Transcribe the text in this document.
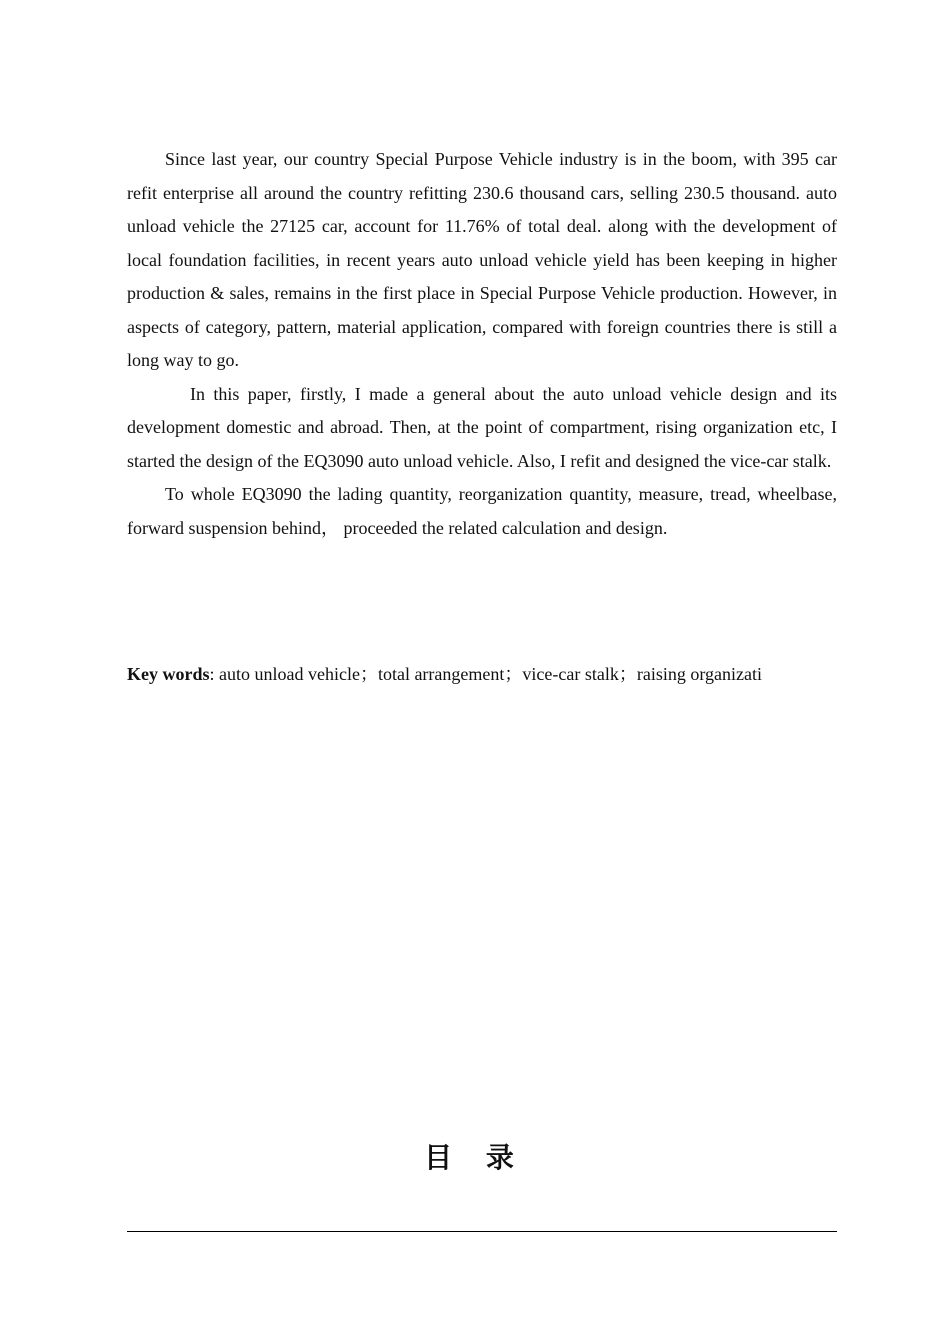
Since last year, our country Special Purpose Vehicle industry is in the boom, with 395 car refit enterprise all around the country refitting 230.6 thousand cars, selling 230.5 thousand. auto unload vehicle the 27125 car, account for 11.76% of total deal. along with the development of local foundation facilities, in recent years auto unload vehicle yield has been keeping in higher production & sales, remains in the first place in Special Purpose Vehicle production. However, in aspects of category, pattern, material application, compared with foreign countries there is still a long way to go.

In this paper, firstly, I made a general about the auto unload vehicle design and its development domestic and abroad. Then, at the point of compartment, rising organization etc, I started the design of the EQ3090 auto unload vehicle. Also, I refit and designed the vice-car stalk.

To whole EQ3090 the lading quantity, reorganization quantity, measure, tread, wheelbase, forward suspension behind， proceeded the related calculation and design.

Key words: auto unload vehicle；total arrangement；vice-car stalk；raising organizati
目 录
